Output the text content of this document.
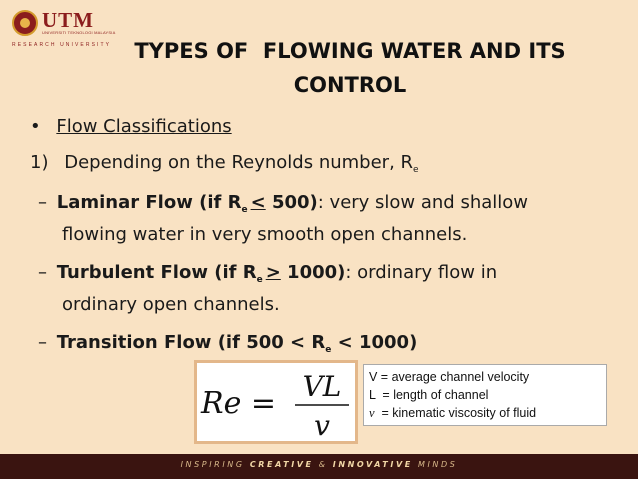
UTM
UNIVERSITI TEKNOLOGI MALAYSIA
RESEARCH UNIVERSITY	TYPES OF  FLOWING WATER AND ITS
CONTROL
• Flow Classifications
1) Depending on the Reynolds number, $R_e$
– Laminar Flow (if $R_e < 500$): very slow and shallow
flowing water in very smooth open channels.
– Turbulent Flow (if $R_e > 1000$): ordinary flow in
ordinary open channels.
– Transition Flow (if $500 < R_e < 1000$)
Re = VL
v
V = average channel velocity
L  = length of channel
v  = kinematic viscosity of fluid
INSPIRING CREATIVE & INNOVATIVE MINDS
